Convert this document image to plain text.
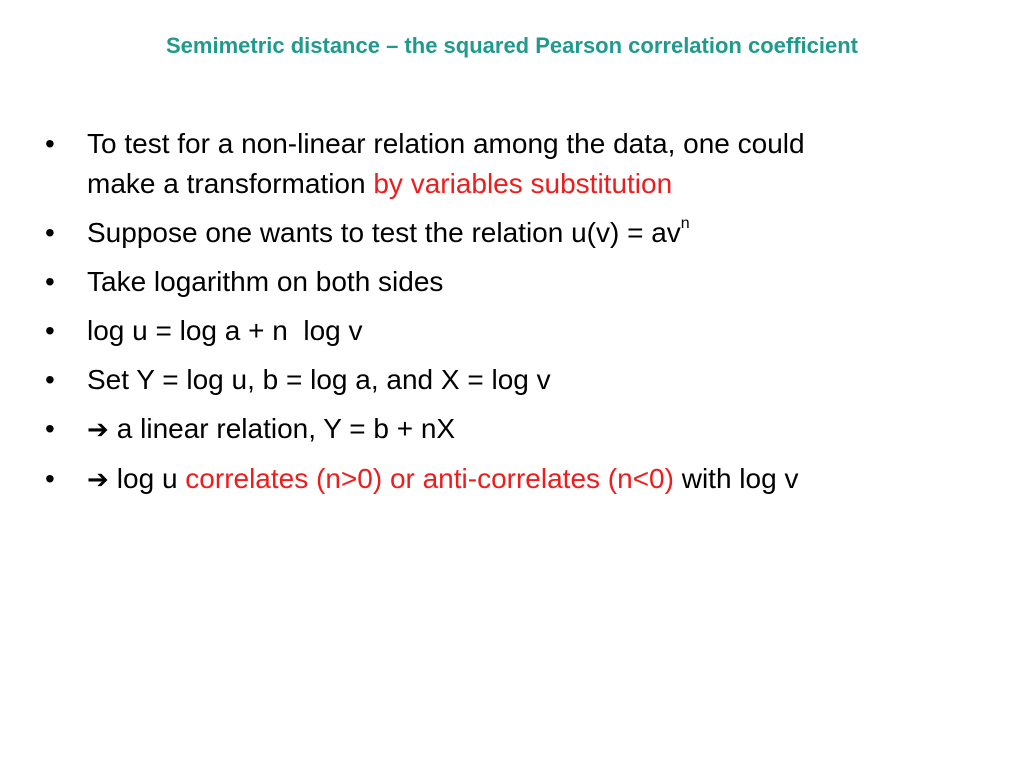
Semimetric distance – the squared Pearson correlation coefficient
• To test for a non-linear relation among the data, one could
make a transformation by variables substitution
• Suppose one wants to test the relation $u(v) = av^n$
• Take logarithm on both sides
• log u = log a + n  log v
• Set Y = log u, b = log a, and X = log v
• ➔ a linear relation, Y = b + nX
• ➔ log u correlates (n>0) or anti-correlates (n<0) with log v
